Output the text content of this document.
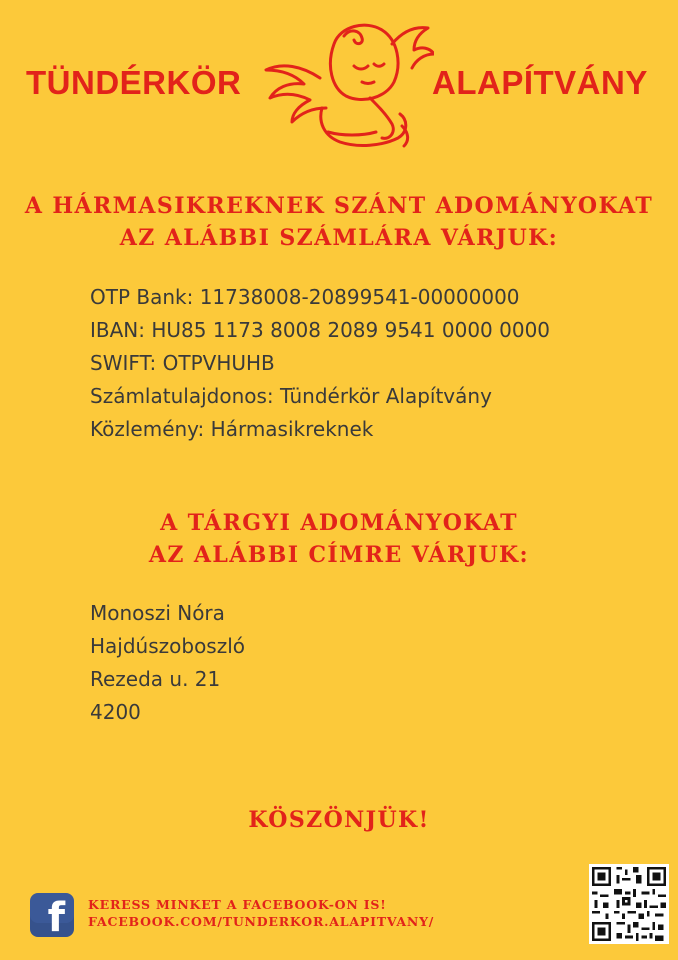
TÜNDÉRKÖR	ALAPÍTVÁNY
A HÁRMASIKREKNEK SZÁNT ADOMÁNYOKAT
AZ ALÁBBI SZÁMLÁRA VÁRJUK:
OTP Bank: 11738008-20899541-00000000
IBAN: HU85 1173 8008 2089 9541 0000 0000
SWIFT: OTPVHUHB
Számlatulajdonos: Tündérkör Alapítvány
Közlemény: Hármasikreknek
A TÁRGYI ADOMÁNYOKAT
AZ ALÁBBI CÍMRE VÁRJUK:
Monoszi Nóra
Hajdúszoboszló
Rezeda u. 21
4200
KÖSZÖNJÜK!
f KERESS MINKET A FACEBOOK-ON IS!
FACEBOOK.COM/TUNDERKOR.ALAPITVANY/
